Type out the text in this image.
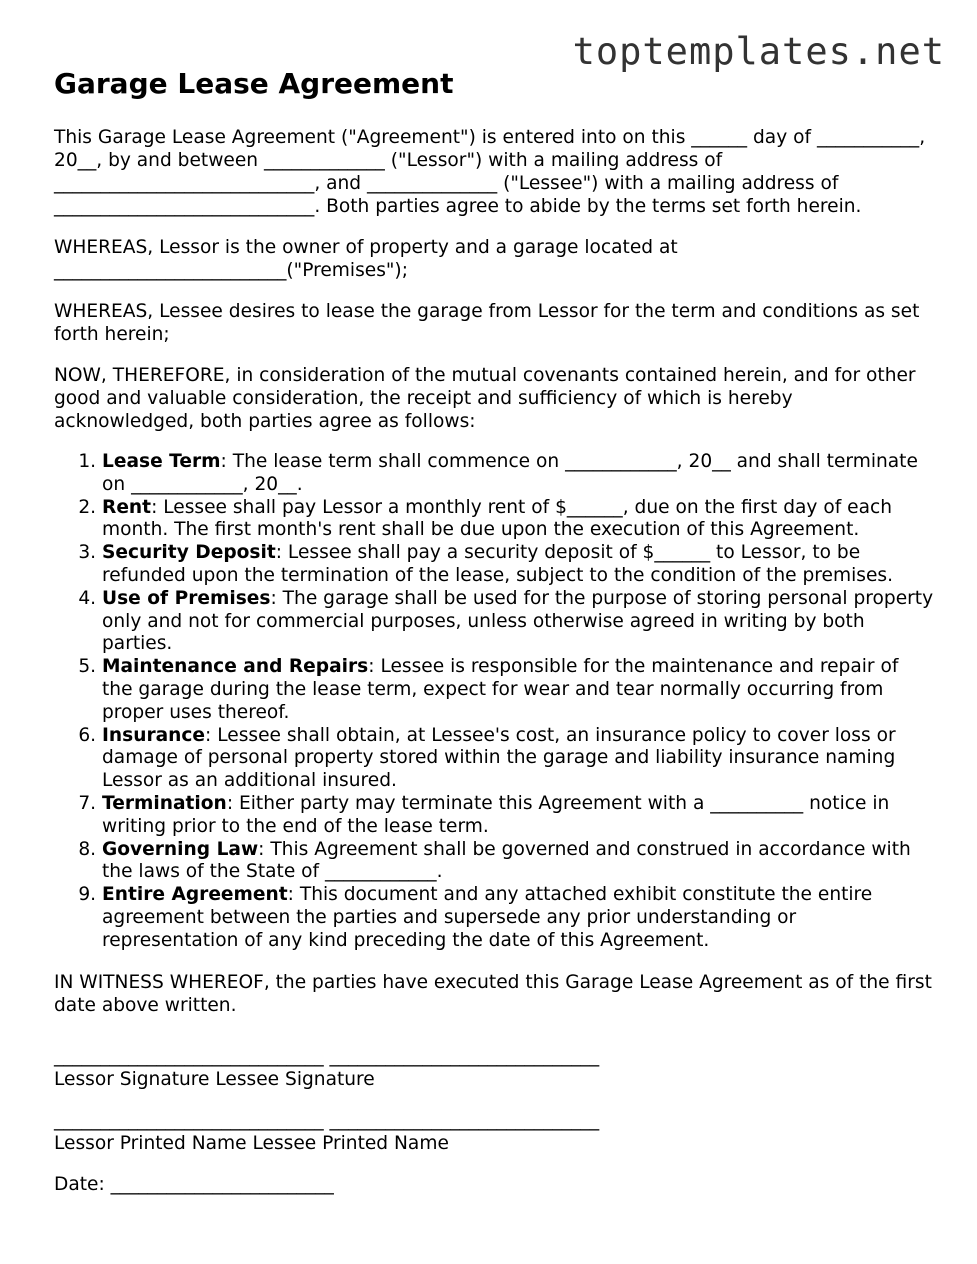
toptemplates.net
Garage Lease Agreement

This Garage Lease Agreement ("Agreement") is entered into on this ______ day of ___________, 20__, by and between _____________ ("Lessor") with a mailing address of ____________________________, and ______________ ("Lessee") with a mailing address of ____________________________. Both parties agree to abide by the terms set forth herein.

WHEREAS, Lessor is the owner of property and a garage located at _________________________("Premises");

WHEREAS, Lessee desires to lease the garage from Lessor for the term and conditions as set forth herein;

NOW, THEREFORE, in consideration of the mutual covenants contained herein, and for other good and valuable consideration, the receipt and sufficiency of which is hereby acknowledged, both parties agree as follows:

1. Lease Term: The lease term shall commence on ____________, 20__ and shall terminate on ____________, 20__.
2. Rent: Lessee shall pay Lessor a monthly rent of $______, due on the first day of each month. The first month's rent shall be due upon the execution of this Agreement.
3. Security Deposit: Lessee shall pay a security deposit of $______ to Lessor, to be refunded upon the termination of the lease, subject to the condition of the premises.
4. Use of Premises: The garage shall be used for the purpose of storing personal property only and not for commercial purposes, unless otherwise agreed in writing by both parties.
5. Maintenance and Repairs: Lessee is responsible for the maintenance and repair of the garage during the lease term, expect for wear and tear normally occurring from proper uses thereof.
6. Insurance: Lessee shall obtain, at Lessee's cost, an insurance policy to cover loss or damage of personal property stored within the garage and liability insurance naming Lessor as an additional insured.
7. Termination: Either party may terminate this Agreement with a __________ notice in writing prior to the end of the lease term.
8. Governing Law: This Agreement shall be governed and construed in accordance with the laws of the State of ____________.
9. Entire Agreement: This document and any attached exhibit constitute the entire agreement between the parties and supersede any prior understanding or representation of any kind preceding the date of this Agreement.

IN WITNESS WHEREOF, the parties have executed this Garage Lease Agreement as of the first date above written.

_____________________________ _____________________________
Lessor Signature Lessee Signature
_____________________________ _____________________________
Lessor Printed Name Lessee Printed Name
Date: ________________________
